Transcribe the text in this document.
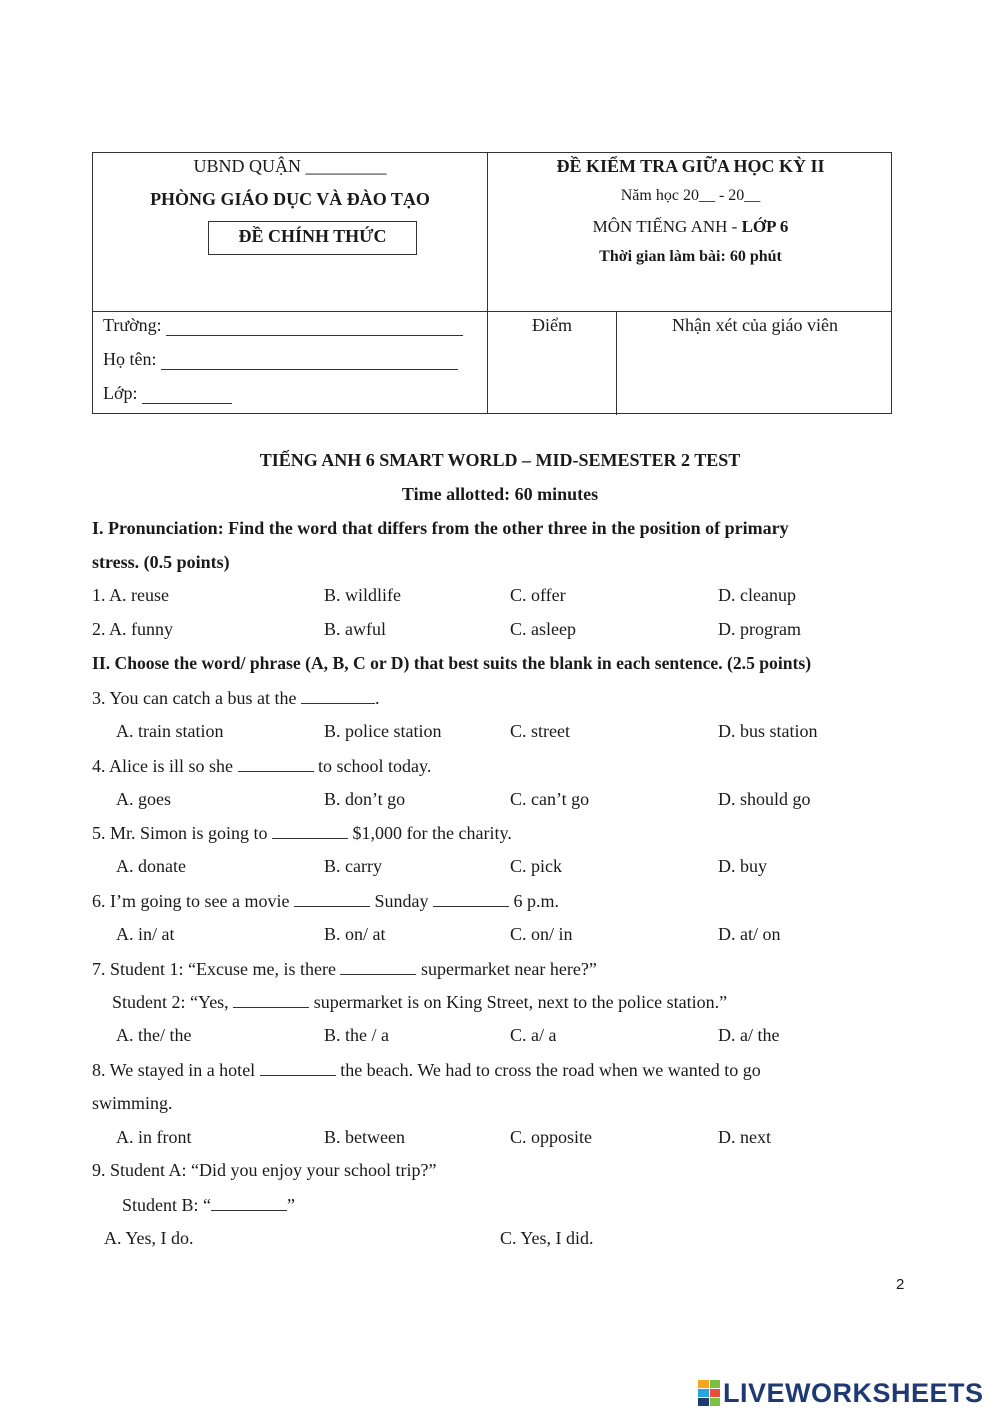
UBND QUẬN _________
PHÒNG GIÁO DỤC VÀ ĐÀO TẠO
ĐỀ CHÍNH THỨC
ĐỀ KIỂM TRA GIỮA HỌC KỲ II
Năm học 20__ - 20__
MÔN TIẾNG ANH - LỚP 6
Thời gian làm bài: 60 phút
Trường:
Họ tên:
Lớp:
Điểm	Nhận xét của giáo viên
TIẾNG ANH 6 SMART WORLD – MID-SEMESTER 2 TEST
Time allotted: 60 minutes
I. Pronunciation: Find the word that differs from the other three in the position of primary
stress. (0.5 points)
1. A. reuse	B. wildlife	C. offer	D. cleanup
2. A. funny	B. awful	C. asleep	D. program
II. Choose the word/ phrase (A, B, C or D) that best suits the blank in each sentence. (2.5 points)
3. You can catch a bus at the	.
A. train station	B. police station	C. street	D. bus station
4. Alice is ill so she	to school today.
A. goes	B. don’t go	C. can’t go	D. should go
5. Mr. Simon is going to	$1,000 for the charity.
A. donate	B. carry	C. pick	D. buy
6. I’m going to see a movie	Sunday	6 p.m.
A. in/ at	B. on/ at	C. on/ in	D. at/ on
7. Student 1: “Excuse me, is there	supermarket near here?”
Student 2: “Yes,	supermarket is on King Street, next to the police station.”
A. the/ the	B. the / a	C. a/ a	D. a/ the
8. We stayed in a hotel	the beach. We had to cross the road when we wanted to go
swimming.
A. in front	B. between	C. opposite	D. next
9. Student A: “Did you enjoy your school trip?”
Student B: “	”
A. Yes, I do.	C. Yes, I did.
2
LIVEWORKSHEETS
